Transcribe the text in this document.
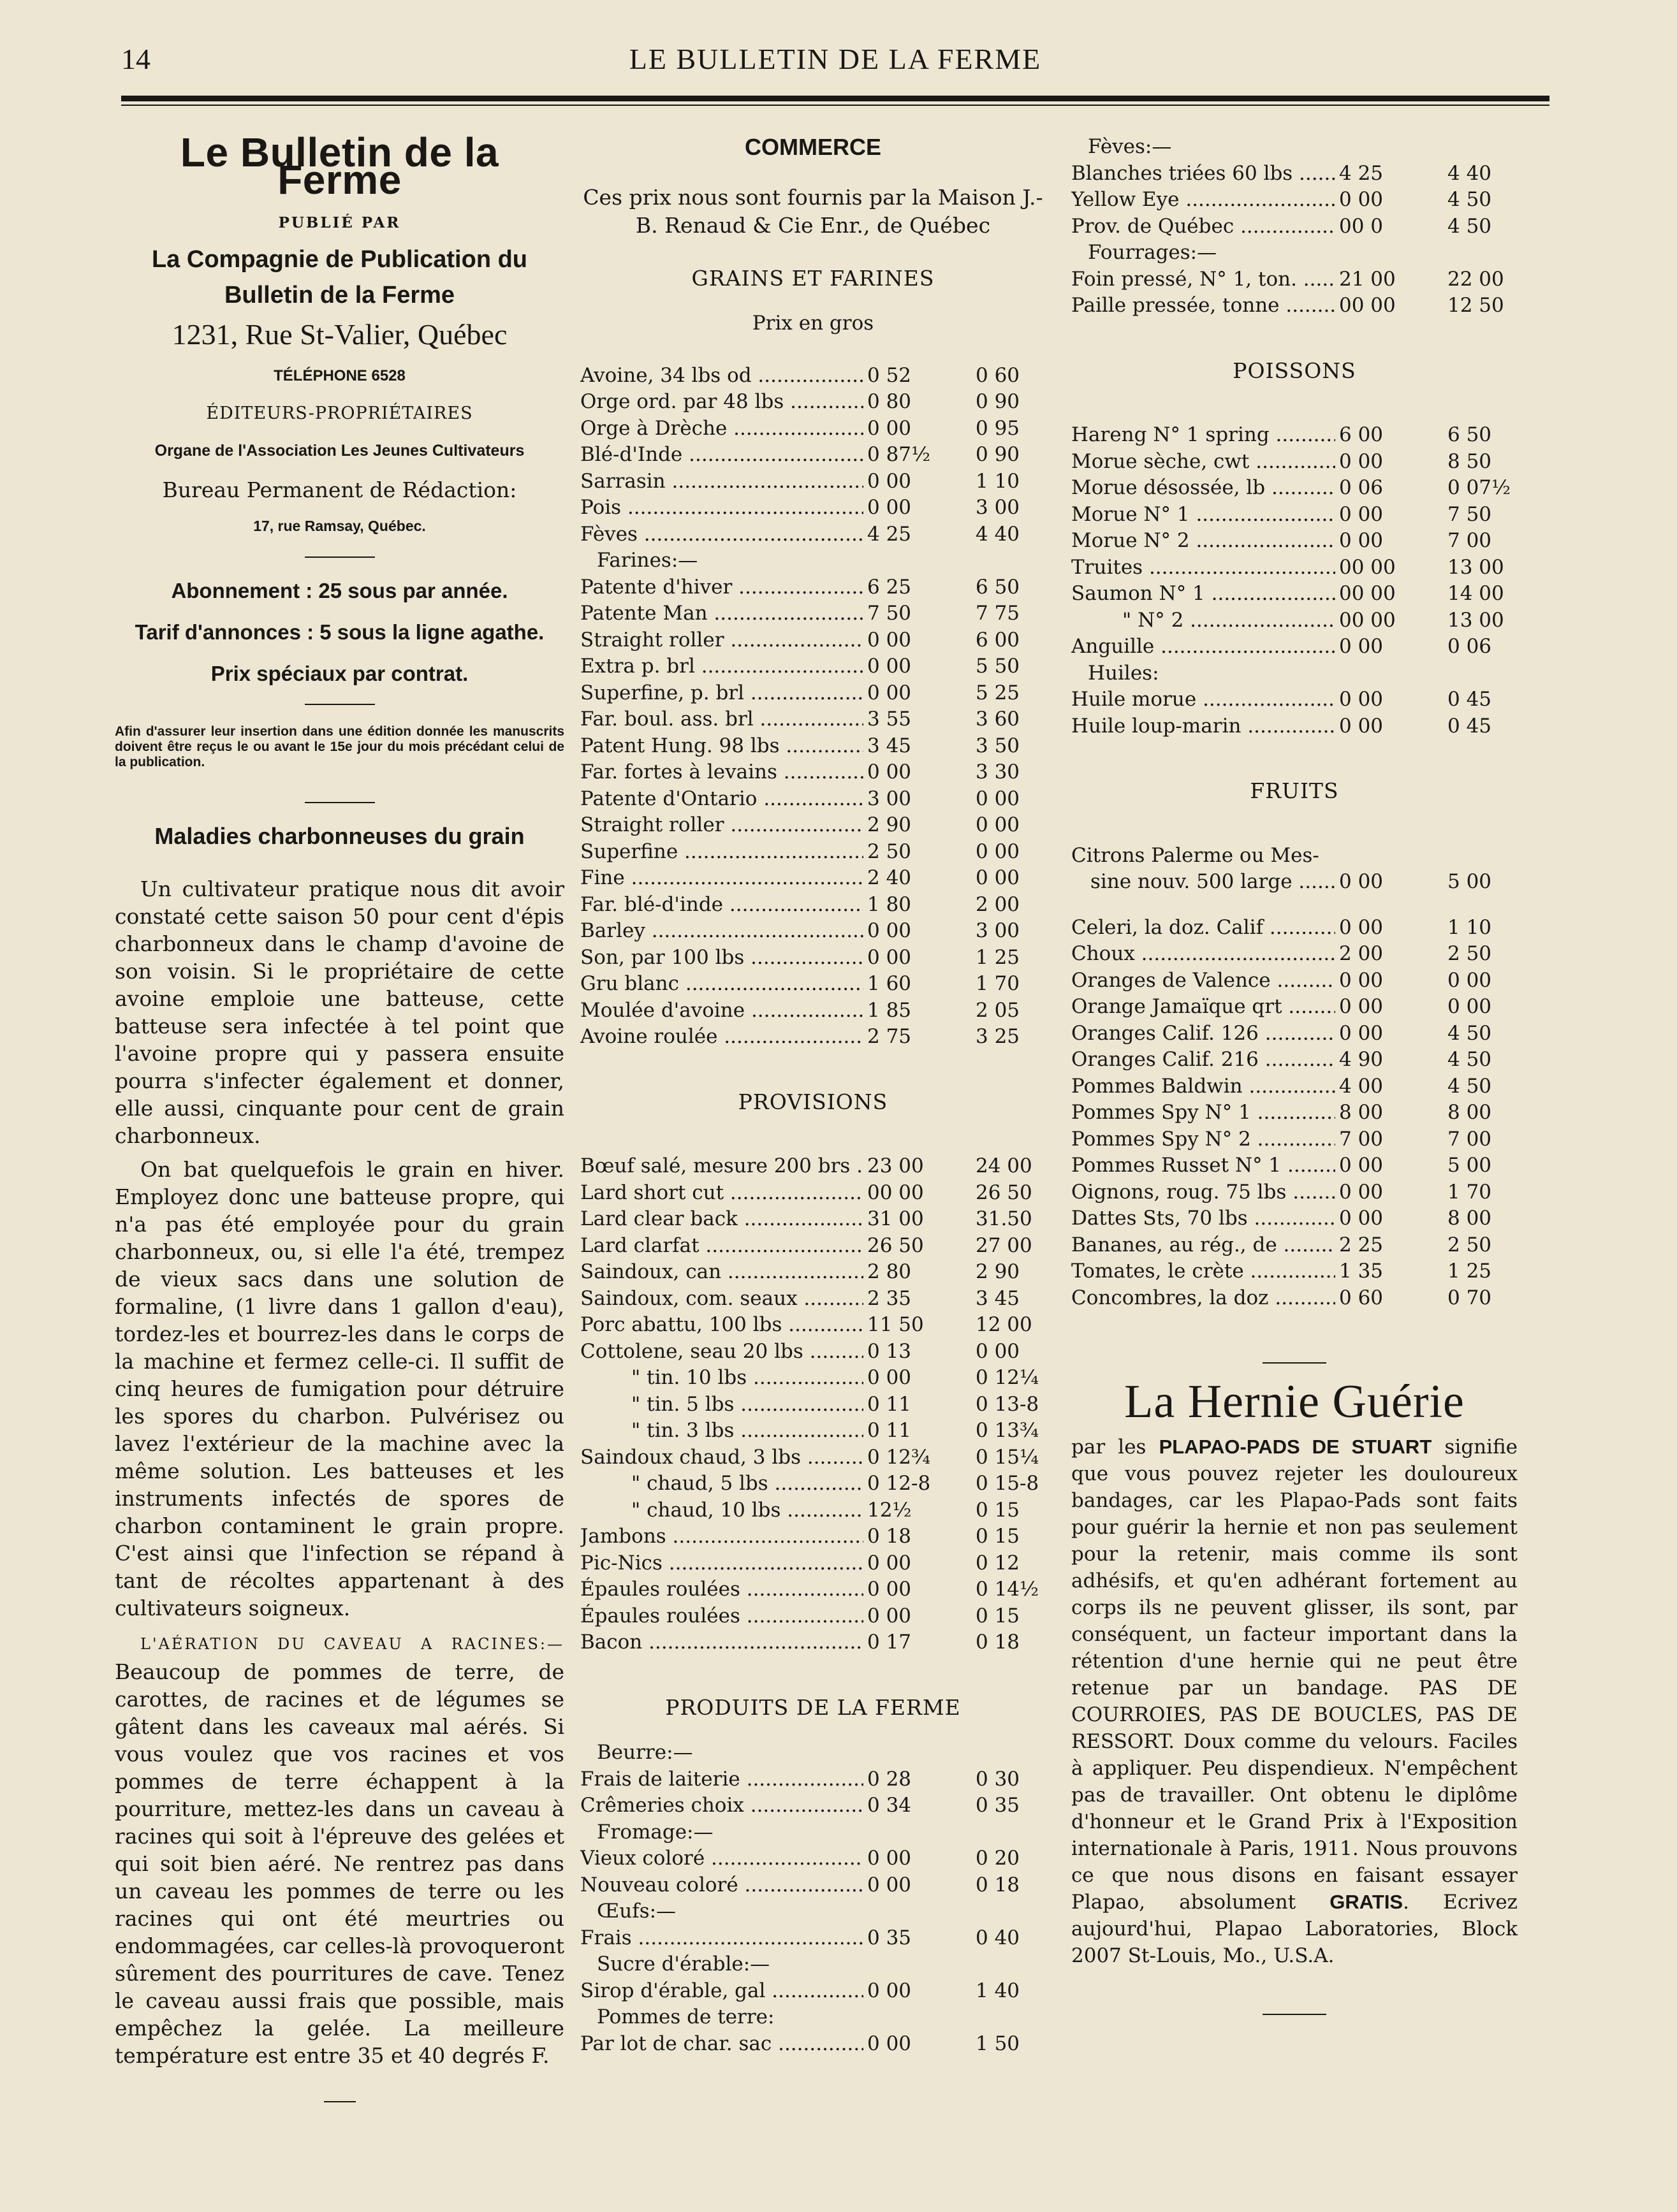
14	LE BULLETIN DE LA FERME
Le Bulletin de la Ferme
PUBLIÉ PAR
La Compagnie de Publication du Bulletin de la Ferme
1231, Rue St-Valier, Québec
TÉLÉPHONE 6528
ÉDITEURS-PROPRIÉTAIRES
Organe de l'Association Les Jeunes Cultivateurs
Bureau Permanent de Rédaction:
17, rue Ramsay, Québec.
Abonnement : 25 sous par année.
Tarif d'annonces : 5 sous la ligne agathe.
Prix spéciaux par contrat.
Afin d'assurer leur insertion dans une édition donnée les manuscrits doivent être reçus le ou avant le 15e jour du mois précédant celui de la publication.
Maladies charbonneuses du grain

Un cultivateur pratique nous dit avoir constaté cette saison 50 pour cent d'épis charbonneux dans le champ d'avoine de son voisin. Si le propriétaire de cette avoine emploie une batteuse, cette batteuse sera infectée à tel point que l'avoine propre qui y passera ensuite pourra s'infecter également et donner, elle aussi, cinquante pour cent de grain charbonneux.

On bat quelquefois le grain en hiver. Employez donc une batteuse propre, qui n'a pas été employée pour du grain charbonneux, ou, si elle l'a été, trempez de vieux sacs dans une solution de formaline, (1 livre dans 1 gallon d'eau), tordez-les et bourrez-les dans le corps de la machine et fermez celle-ci. Il suffit de cinq heures de fumigation pour détruire les spores du charbon. Pulvérisez ou lavez l'extérieur de la machine avec la même solution. Les batteuses et les instruments infectés de spores de charbon contaminent le grain propre. C'est ainsi que l'infection se répand à tant de récoltes appartenant à des cultivateurs soigneux.

L'AÉRATION DU CAVEAU A RACINES:— Beaucoup de pommes de terre, de carottes, de racines et de légumes se gâtent dans les caveaux mal aérés. Si vous voulez que vos racines et vos pommes de terre échappent à la pourriture, mettez-les dans un caveau à racines qui soit à l'épreuve des gelées et qui soit bien aéré. Ne rentrez pas dans un caveau les pommes de terre ou les racines qui ont été meurtries ou endommagées, car celles-là provoqueront sûrement des pourritures de cave. Tenez le caveau aussi frais que possible, mais empêchez la gelée. La meilleure température est entre 35 et 40 degrés F.

COMMERCE
Ces prix nous sont fournis par la Maison J.-B. Renaud & Cie Enr., de Québec
GRAINS ET FARINES
Prix en gros
Avoine, 34 lbs od .....	0 52	0 60
Orge ord. par 48 lbs .....	0 80	0 90
Orge à Drèche .....	0 00	0 95
Blé-d'Inde .....	0 87½	0 90
Sarrasin .....	0 00	1 10
Pois .....	0 00	3 00
Fèves .....	4 25	4 40
Farines:—
Patente d'hiver .....	6 25	6 50
Patente Man .....	7 50	7 75
Straight roller .....	0 00	6 00
Extra p. brl .....	0 00	5 50
Superfine, p. brl .....	0 00	5 25
Far. boul. ass. brl .....	3 55	3 60
Patent Hung. 98 lbs .....	3 45	3 50
Far. fortes à levains .....	0 00	3 30
Patente d'Ontario .....	3 00	0 00
Straight roller .....	2 90	0 00
Superfine .....	2 50	0 00
Fine .....	2 40	0 00
Far. blé-d'inde .....	1 80	2 00
Barley .....	0 00	3 00
Son, par 100 lbs .....	0 00	1 25
Gru blanc .....	1 60	1 70
Moulée d'avoine .....	1 85	2 05
Avoine roulée .....	2 75	3 25
PROVISIONS
Bœuf salé, mesure 200 brs ..... 23 00	24 00
Lard short cut .....	00 00	26 50
Lard clear back .....	31 00	31.50
Lard clarfat .....	26 50	27 00
Saindoux, can .....	2 80	2 90
Saindoux, com. seaux .....	2 35	3 45
Porc abattu, 100 lbs .....	11 50	12 00
Cottolene, seau 20 lbs .....	0 13	0 00
" tin. 10 lbs .....	0 00	0 12¼
" tin. 5 lbs .....	0 11	0 13-8
" tin. 3 lbs .....	0 11	0 13¾
Saindoux chaud, 3 lbs .....	0 12¾	0 15¼
" chaud, 5 lbs .....	0 12-8	0 15-8
" chaud, 10 lbs .....	12½	0 15
Jambons .....	0 18	0 15
Pic-Nics .....	0 00	0 12
Épaules roulées .....	0 00	0 14½
Épaules roulées .....	0 00	0 15
Bacon .....	0 17	0 18
PRODUITS DE LA FERME
Beurre:—
Frais de laiterie .....	0 28	0 30
Crêmeries choix .....	0 34	0 35
Fromage:—
Vieux coloré .....	0 00	0 20
Nouveau coloré .....	0 00	0 18
Œufs:—
Frais .....	0 35	0 40
Sucre d'érable:—
Sirop d'érable, gal .....	0 00	1 40
Pommes de terre:
Par lot de char. sac .....	0 00	1 50
Fèves:—
Blanches triées 60 lbs .....	4 25	4 40
Yellow Eye .....	0 00	4 50
Prov. de Québec .....	00 0	4 50
Fourrages:—
Foin pressé, N° 1, ton. .....	21 00	22 00
Paille pressée, tonne .....	00 00	12 50
POISSONS
Hareng N° 1 spring .....	6 00	6 50
Morue sèche, cwt .....	0 00	8 50
Morue désossée, lb .....	0 06	0 07½
Morue N° 1 .....	0 00	7 50
Morue N° 2 .....	0 00	7 00
Truites .....	00 00	13 00
Saumon N° 1 .....	00 00	14 00
" N° 2 .....	00 00	13 00
Anguille .....	0 00	0 06
Huiles:
Huile morue .....	0 00	0 45
Huile loup-marin .....	0 00	0 45
FRUITS
Citrons Palerme ou Mes-
sine nouv. 500 large .....	0 00	5 00
Celeri, la doz. Calif .....	0 00	1 10
Choux .....	2 00	2 50
Oranges de Valence .....	0 00	0 00
Orange Jamaïque qrt .....	0 00	0 00
Oranges Calif. 126 .....	0 00	4 50
Oranges Calif. 216 .....	4 90	4 50
Pommes Baldwin .....	4 00	4 50
Pommes Spy N° 1 .....	8 00	8 00
Pommes Spy N° 2 .....	7 00	7 00
Pommes Russet N° 1 .....	0 00	5 00
Oignons, roug. 75 lbs .....	0 00	1 70
Dattes Sts, 70 lbs .....	0 00	8 00
Bananes, au rég., de .....	2 25	2 50
Tomates, le crète .....	1 35	1 25
Concombres, la doz .....	0 60	0 70
La Hernie Guérie
par les PLAPAO-PADS DE STUART signifie que vous pouvez rejeter les douloureux bandages, car les Plapao-Pads sont faits pour guérir la hernie et non pas seulement pour la retenir, mais comme ils sont adhésifs, et qu'en adhérant fortement au corps ils ne peuvent glisser, ils sont, par conséquent, un facteur important dans la rétention d'une hernie qui ne peut être retenue par un bandage. PAS DE COURROIES, PAS DE BOUCLES, PAS DE RESSORT. Doux comme du velours. Faciles à appliquer. Peu dispendieux. N'empêchent pas de travailler. Ont obtenu le diplôme d'honneur et le Grand Prix à l'Exposition internationale à Paris, 1911. Nous prouvons ce que nous disons en faisant essayer Plapao, absolument GRATIS. Ecrivez aujourd'hui, Plapao Laboratories, Block 2007 St-Louis, Mo., U.S.A.
